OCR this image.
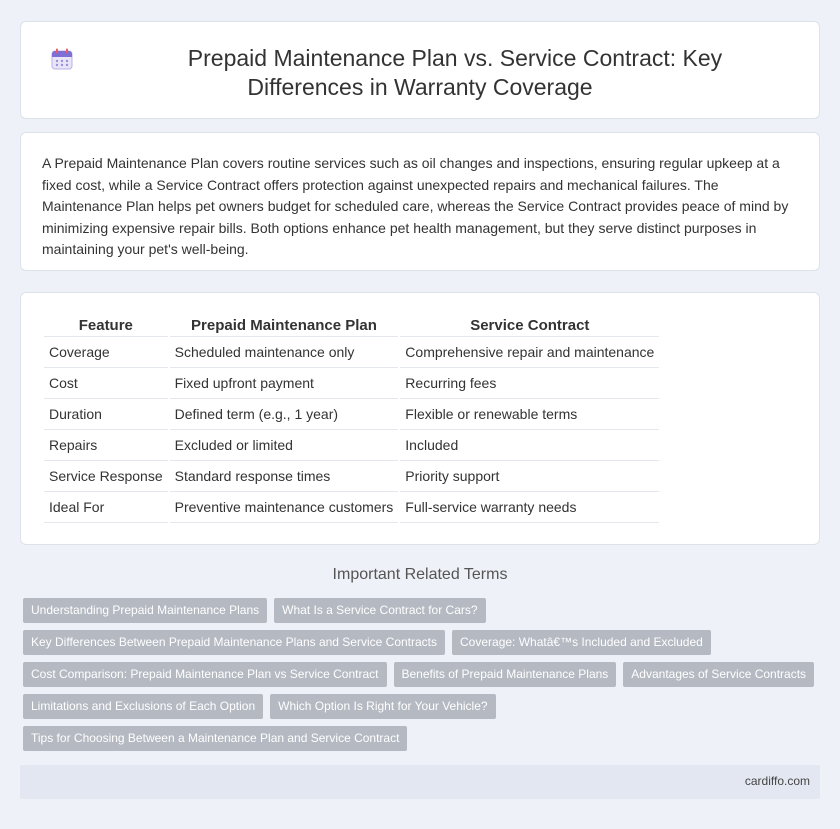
Prepaid Maintenance Plan vs. Service Contract: Key Differences in Warranty Coverage

A Prepaid Maintenance Plan covers routine services such as oil changes and inspections, ensuring regular upkeep at a fixed cost, while a Service Contract offers protection against unexpected repairs and mechanical failures. The Maintenance Plan helps pet owners budget for scheduled care, whereas the Service Contract provides peace of mind by minimizing expensive repair bills. Both options enhance pet health management, but they serve distinct purposes in maintaining your pet's well-being.

Feature	Prepaid Maintenance Plan	Service Contract
Coverage	Scheduled maintenance only	Comprehensive repair and maintenance
Cost	Fixed upfront payment	Recurring fees
Duration	Defined term (e.g., 1 year)	Flexible or renewable terms
Repairs	Excluded or limited	Included
Service Response	Standard response times	Priority support
Ideal For	Preventive maintenance customers	Full-service warranty needs
Important Related Terms
Understanding Prepaid Maintenance Plans	What Is a Service Contract for Cars?
Key Differences Between Prepaid Maintenance Plans and Service Contracts	Coverage: Whatâ€™s Included and Excluded
Cost Comparison: Prepaid Maintenance Plan vs Service Contract	Benefits of Prepaid Maintenance Plans	Advantages of Service Contracts
Limitations and Exclusions of Each Option	Which Option Is Right for Your Vehicle?
Tips for Choosing Between a Maintenance Plan and Service Contract
cardiffo.com
